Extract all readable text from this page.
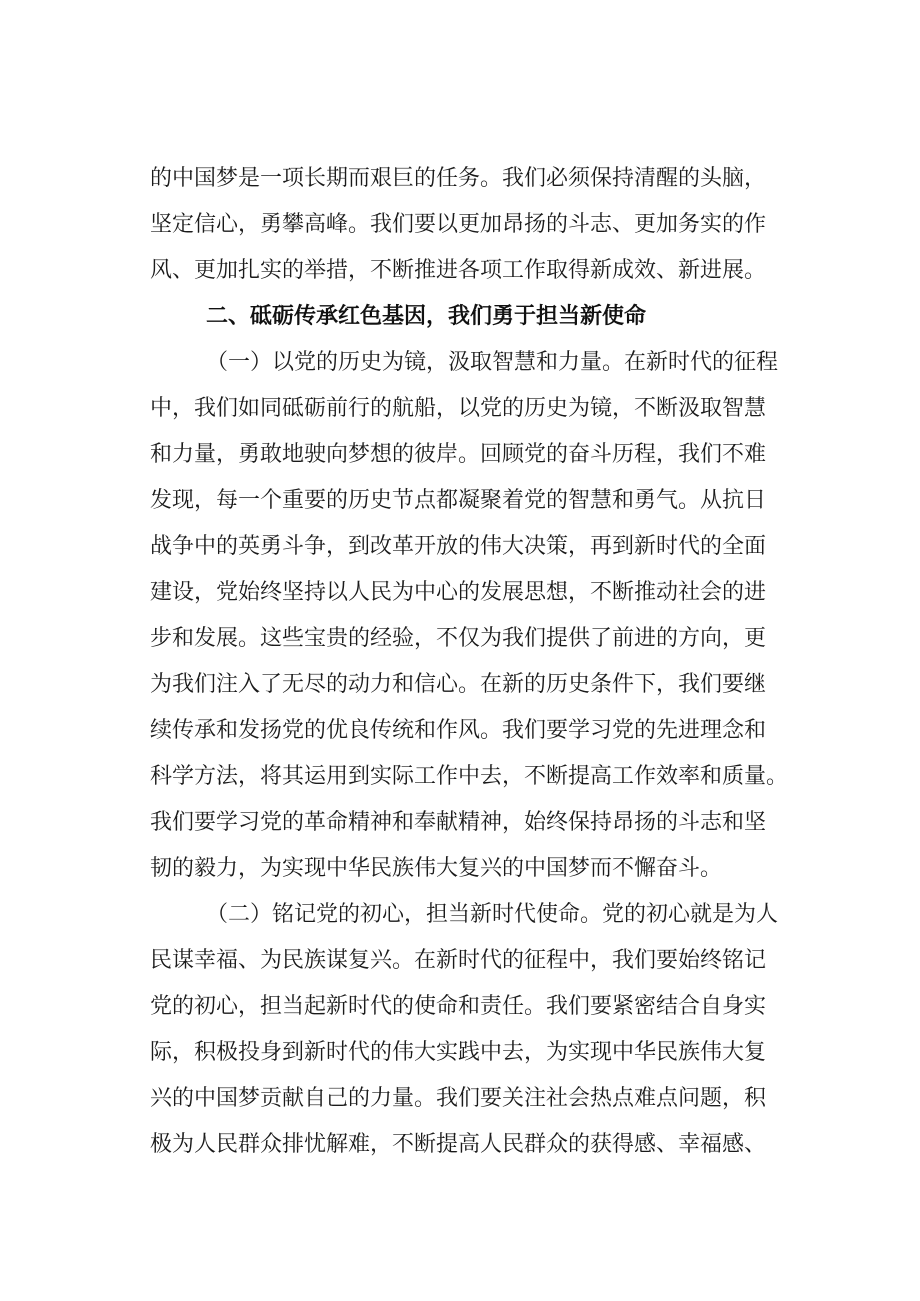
的中国梦是一项长期而艰巨的任务。我们必须保持清醒的头脑，
坚定信心，勇攀高峰。我们要以更加昂扬的斗志、更加务实的作
风、更加扎实的举措，不断推进各项工作取得新成效、新进展。
二、砥砺传承红色基因，我们勇于担当新使命
（一）以党的历史为镜，汲取智慧和力量。在新时代的征程
中，我们如同砥砺前行的航船，以党的历史为镜，不断汲取智慧
和力量，勇敢地驶向梦想的彼岸。回顾党的奋斗历程，我们不难
发现，每一个重要的历史节点都凝聚着党的智慧和勇气。从抗日
战争中的英勇斗争，到改革开放的伟大决策，再到新时代的全面
建设，党始终坚持以人民为中心的发展思想，不断推动社会的进
步和发展。这些宝贵的经验，不仅为我们提供了前进的方向，更
为我们注入了无尽的动力和信心。在新的历史条件下，我们要继
续传承和发扬党的优良传统和作风。我们要学习党的先进理念和
科学方法，将其运用到实际工作中去，不断提高工作效率和质量。
我们要学习党的革命精神和奉献精神，始终保持昂扬的斗志和坚
韧的毅力，为实现中华民族伟大复兴的中国梦而不懈奋斗。
（二）铭记党的初心，担当新时代使命。党的初心就是为人
民谋幸福、为民族谋复兴。在新时代的征程中，我们要始终铭记
党的初心，担当起新时代的使命和责任。我们要紧密结合自身实
际，积极投身到新时代的伟大实践中去，为实现中华民族伟大复
兴的中国梦贡献自己的力量。我们要关注社会热点难点问题，积
极为人民群众排忧解难，不断提高人民群众的获得感、幸福感、
